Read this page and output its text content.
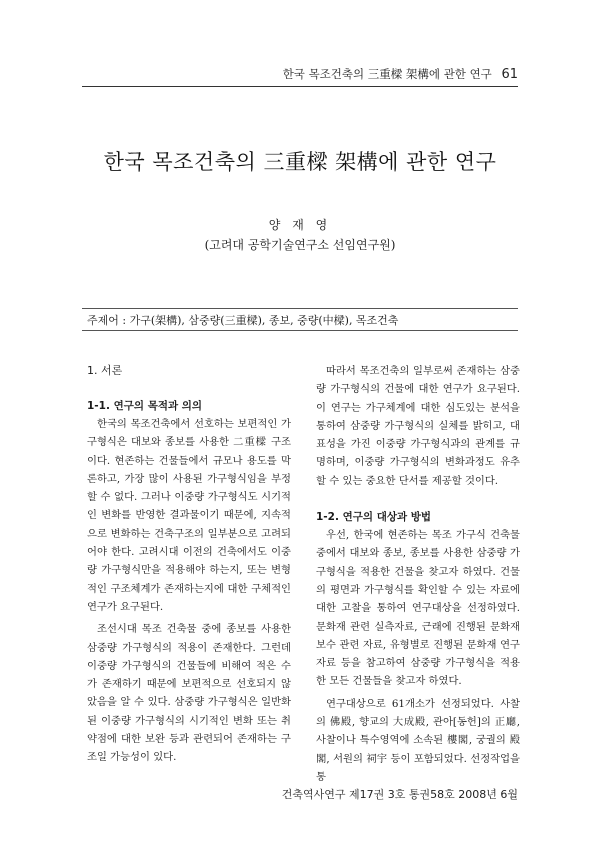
한국 목조건축의 三重樑 架構에 관한 연구 61
한국 목조건축의 三重樑 架構에 관한 연구
양 재 영
(고려대 공학기술연구소 선임연구원)
주제어 : 가구(架構), 삼중량(三重樑), 종보, 중량(中樑), 목조건축
1. 서론
1-1. 연구의 목적과 의의

한국의 목조건축에서 선호하는 보편적인 가구형식은 대보와 종보를 사용한 二重樑 구조이다. 현존하는 건물들에서 규모나 용도를 막론하고, 가장 많이 사용된 가구형식임을 부정할 수 없다. 그러나 이중량 가구형식도 시기적인 변화를 반영한 결과물이기 때문에, 지속적으로 변화하는 건축구조의 일부분으로 고려되어야 한다. 고려시대 이전의 건축에서도 이중량 가구형식만을 적용해야 하는지, 또는 변형적인 구조체계가 존재하는지에 대한 구체적인 연구가 요구된다.

조선시대 목조 건축물 중에 종보를 사용한 삼중량 가구형식의 적용이 존재한다. 그런데 이중량 가구형식의 건물들에 비해여 적은 수가 존재하기 때문에 보편적으로 선호되지 않았음을 알 수 있다. 삼중량 가구형식은 일반화된 이중량 가구형식의 시기적인 변화 또는 취약점에 대한 보완 등과 관련되어 존재하는 구조일 가능성이 있다.

따라서 목조건축의 일부로써 존재하는 삼중량 가구형식의 건물에 대한 연구가 요구된다. 이 연구는 가구체계에 대한 심도있는 분석을 통하여 삼중량 가구형식의 실체를 밝히고, 대표성을 가진 이중량 가구형식과의 관계를 규명하며, 이중량 가구형식의 변화과정도 유추할 수 있는 중요한 단서를 제공할 것이다.

1-2. 연구의 대상과 방법

우선, 한국에 현존하는 목조 가구식 건축물 중에서 대보와 종보, 종보를 사용한 삼중량 가구형식을 적용한 건물을 찾고자 하였다. 건물의 평면과 가구형식를 확인할 수 있는 자료에 대한 고찰을 통하여 연구대상을 선정하였다. 문화재 관련 실측자료, 근래에 진행된 문화재 보수 관련 자료, 유형별로 진행된 문화재 연구자료 등을 참고하여 삼중량 가구형식을 적용한 모든 건물들을 찾고자 하였다.

연구대상으로 61개소가 선정되었다. 사찰의 佛殿, 향교의 大成殿, 관아[동헌]의 正廳, 사찰이나 특수영역에 소속된 樓閣, 궁궐의 殿閣, 서원의 祠宇 등이 포함되었다. 선정작업을 통

건축역사연구 제17권 3호 통권58호 2008년 6월
